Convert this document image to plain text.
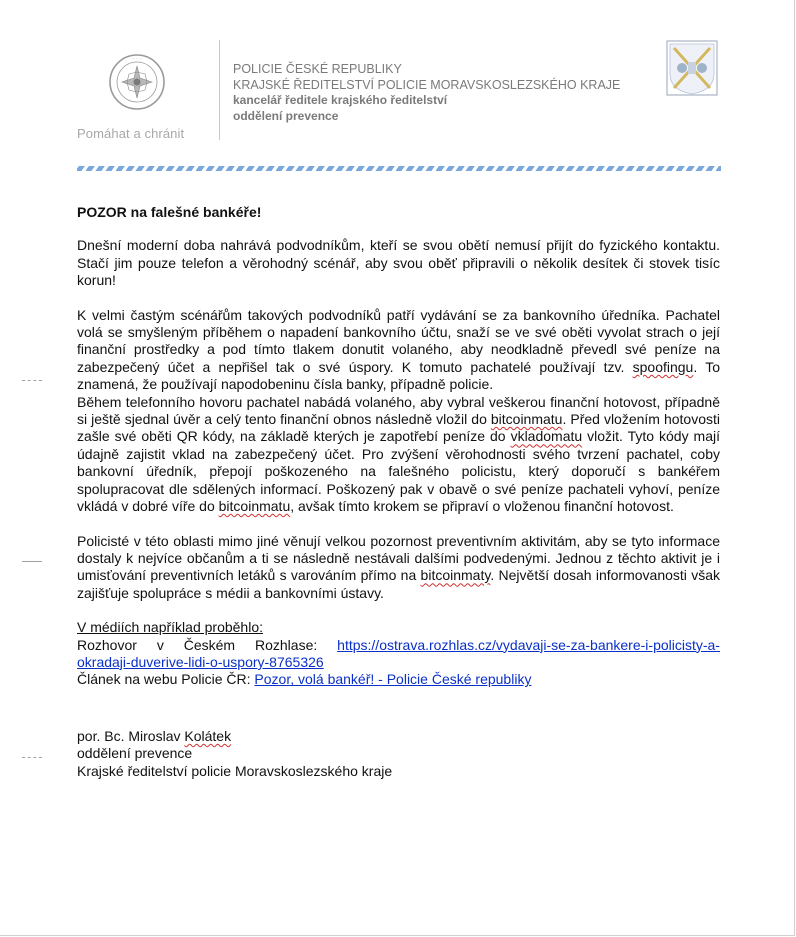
· · ·
Pomáhat a chránit
POLICIE ČESKÉ REPUBLIKY
KRAJSKÉ ŘEDITELSTVÍ POLICIE MORAVSKOSLEZSKÉHO KRAJE
kancelář ředitele krajského ředitelství
oddělení prevence

POZOR na falešné bankéře!

Dnešní moderní doba nahrává podvodníkům, kteří se svou obětí nemusí přijít do fyzického kontaktu. Stačí jim pouze telefon a věrohodný scénář, aby svou oběť připravili o několik desítek či stovek tisíc korun!

K velmi častým scénářům takových podvodníků patří vydávání se za bankovního úředníka. Pachatel volá se smyšleným příběhem o napadení bankovního účtu, snaží se ve své oběti vyvolat strach o její finanční prostředky a pod tímto tlakem donutit volaného, aby neodkladně převedl své peníze na zabezpečený účet a nepřišel tak o své úspory. K tomuto pachatelé používají tzv. spoofingu. To znamená, že používají napodobeninu čísla banky, případně policie.
Během telefonního hovoru pachatel nabádá volaného, aby vybral veškerou finanční hotovost, případně si ještě sjednal úvěr a celý tento finanční obnos následně vložil do bitcoinmatu. Před vložením hotovosti zašle své oběti QR kódy, na základě kterých je zapotřebí peníze do vkladomatu vložit. Tyto kódy mají údajně zajistit vklad na zabezpečený účet. Pro zvýšení věrohodnosti svého tvrzení pachatel, coby bankovní úředník, přepojí poškozeného na falešného policistu, který doporučí s bankéřem spolupracovat dle sdělených informací. Poškozený pak v obavě o své peníze pachateli vyhoví, peníze vkládá v dobré víře do bitcoinmatu, avšak tímto krokem se připraví o vloženou finanční hotovost.

Policisté v této oblasti mimo jiné věnují velkou pozornost preventivním aktivitám, aby se tyto informace dostaly k nejvíce občanům a ti se následně nestávali dalšími podvedenými. Jednou z těchto aktivit je i umisťování preventivních letáků s varováním přímo na bitcoinmaty. Největší dosah informovanosti však zajišťuje spolupráce s médii a bankovními ústavy.

V médiích například proběhlo:

Rozhovor v Českém Rozhlase: https://ostrava.rozhlas.cz/vydavaji-se-za-bankere-i-policisty-a-

okradaji-duverive-lidi-o-uspory-8765326

Článek na webu Policie ČR: Pozor, volá bankéř! - Policie České republiky

por. Bc. Miroslav Kolátek

oddělení prevence

Krajské ředitelství policie Moravskoslezského kraje
